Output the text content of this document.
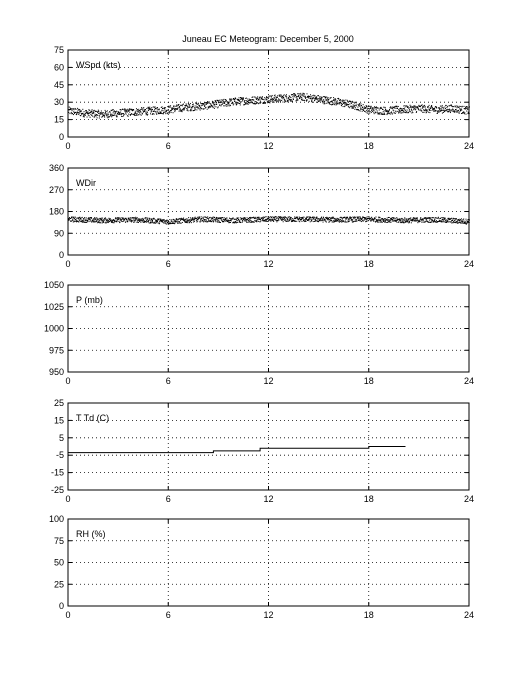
Juneau EC Meteogram: December 5, 2000
0	6	12	18	24
0
15
30
45
60
75
WSpd (kts)
0	6	12	18	24
0
90
180
270
360
WDir
0	6	12	18	24
950
975
1000
1025
1050
P (mb)
0	6	12	18	24
-25
-15
-5
5
15
25
T Td (C)
0	6	12	18	24
0
25
50
75
100
RH (%)
